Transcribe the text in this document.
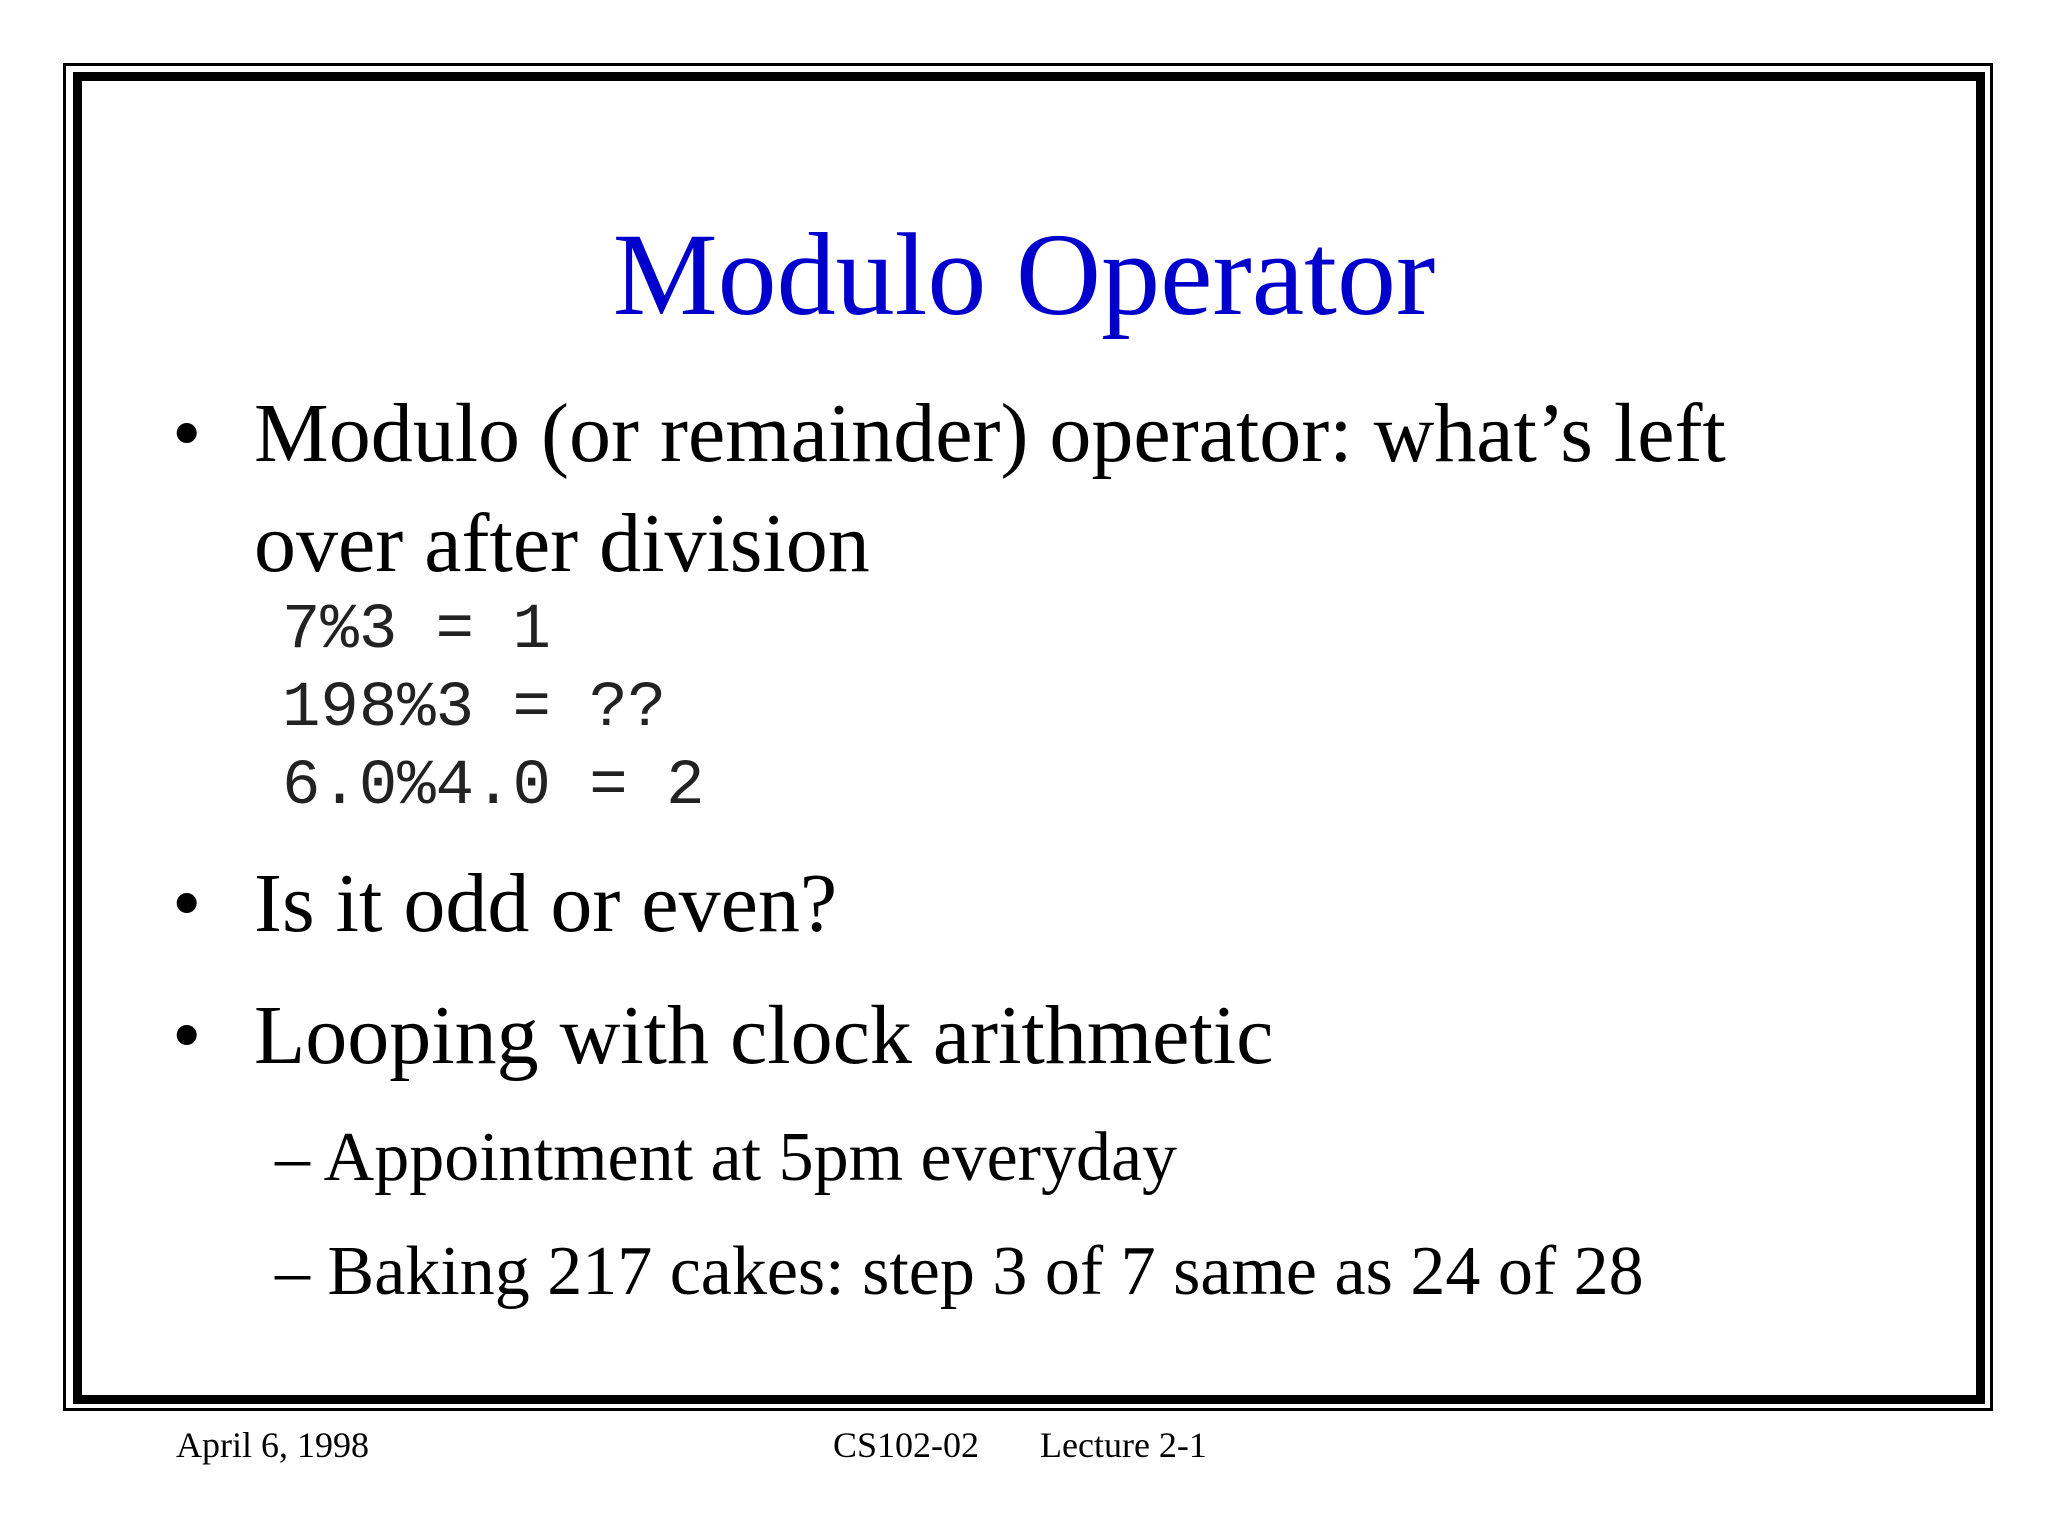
Modulo Operator
• Modulo (or remainder) operator: what’s left
over after division
7%3 = 1
198%3 = ??
6.0%4.0 = 2
• Is it odd or even?
• Looping with clock arithmetic
– Appointment at 5pm everyday
– Baking 217 cakes: step 3 of 7 same as 24 of 28
April 6, 1998	CS102-02 Lecture 2-1
